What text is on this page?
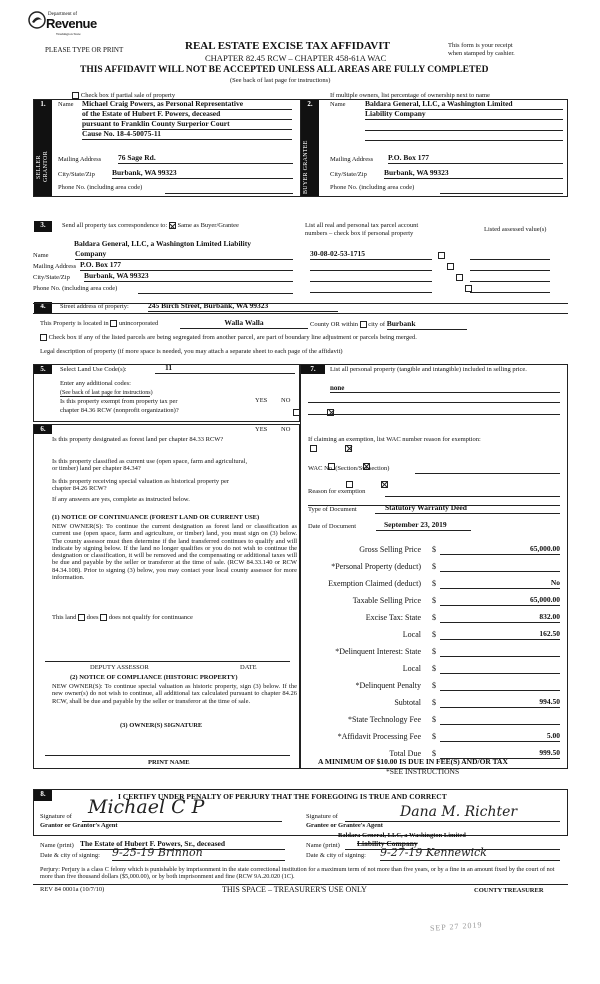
Department of
Revenue
Washington State
PLEASE TYPE OR PRINT	REAL ESTATE EXCISE TAX AFFIDAVIT
CHAPTER 82.45 RCW – CHAPTER 458-61A WAC
This form is your receipt
when stamped by cashier.
THIS AFFIDAVIT WILL NOT BE ACCEPTED UNLESS ALL AREAS ARE FULLY COMPLETED
(See back of last page for instructions)
Check box if partial sale of property	If multiple owners, list percentage of ownership next to name
1.
SELLER GRANTOR
Name Michael Craig Powers, as Personal Representative
of the Estate of Hubert F. Powers, deceased
pursuant to Franklin County Surperior Court
Cause No. 18-4-50075-11
Mailing Address 76 Sage Rd.
City/State/Zip Burbank, WA 99323
Phone No. (including area code)
2.
BUYER GRANTEE
Name	Baldara General, LLC, a Washington Limited
Liability Company
Mailing Address P.O. Box 177
City/State/Zip Burbank, WA 99323
Phone No. (including area code)
3.	Send all property tax correspondence to: Same as Buyer/Grantee
Baldara General, LLC, a Washington Limited Liability
Name	Company
Mailing Address P.O. Box 177
City/State/Zip Burbank, WA 99323
Phone No. (including area code)
List all real and personal tax parcel account
numbers – check box if personal property
Listed assessed value(s)
30-08-02-53-1715

4.	Street address of property:	245 Birch Street, Burbank, WA 99323
This Property is located in unincorporated	Walla Walla	County OR within city of Burbank
Check box if any of the listed parcels are being segregated from another parcel, are part of boundary line adjustment or parcels being merged.
Legal description of property (if more space is needed, you may attach a separate sheet to each page of the affidavit)
5.	Select Land Use Code(s):	11
Enter any additional codes:
(See back of last page for instructions)
YES NO
Is this property exempt from property tax per
chapter 84.36 RCW (nonprofit organization)?

6.	YES NO
Is this property designated as forest land per chapter 84.33 RCW?

Is this property classified as current use (open space, farm and agricultural, or timber) land per chapter 84.34?

Is this property receiving special valuation as historical property per chapter 84.26 RCW?

If any answers are yes, complete as instructed below.
(1) NOTICE OF CONTINUANCE (FOREST LAND OR CURRENT USE)
NEW OWNER(S): To continue the current designation as forest land or classification as current use (open space, farm and agriculture, or timber) land, you must sign on (3) below. The county assessor must then determine if the land transferred continues to qualify and will indicate by signing below. If the land no longer qualifies or you do not wish to continue the designation or classification, it will be removed and the compensating or additional taxes will be due and payable by the seller or transferor at the time of sale. (RCW 84.33.140 or RCW 84.34.108). Prior to signing (3) below, you may contact your local county assessor for more information.
This land does does not qualify for continuance
DEPUTY ASSESSOR	DATE
(2) NOTICE OF COMPLIANCE (HISTORIC PROPERTY)
NEW OWNER(S): To continue special valuation as historic property, sign (3) below. If the new owner(s) do not wish to continue, all additional tax calculated pursuant to chapter 84.26 RCW, shall be due and payable by the seller or transferor at the time of sale.
(3) OWNER(S) SIGNATURE
PRINT NAME
7.	List all personal property (tangible and intangible) included in selling price.
none
If claiming an exemption, list WAC number reason for exemption:
WAC No. (Section/Subsection)
Reason for exemption
Type of Document	Statutory Warranty Deed
Date of Document	September 23, 2019
Gross Selling Price $	65,000.00
*Personal Property (deduct) $
Exemption Claimed (deduct) $	No
Taxable Selling Price $	65,000.00
Excise Tax: State $	832.00
Local $	162.50
*Delinquent Interest: State $
Local $
*Delinquent Penalty $
Subtotal $	994.50
*State Technology Fee $
*Affidavit Processing Fee $	5.00
Total Due $	999.50
A MINIMUM OF $10.00 IS DUE IN FEE(S) AND/OR TAX
*SEE INSTRUCTIONS
8.	I CERTIFY UNDER PENALTY OF PERJURY THAT THE FOREGOING IS TRUE AND CORRECT
Signature of
Grantor or Grantor's Agent
Michael C P	Signature of
Grantee or Grantee's Agent
Dana M. Richter
Name (print) The Estate of Hubert F. Powers, Sr., deceased
Date & city of signing: 9-25-19 Brinnon
Baldara General, LLC, a Washington Limited
Name (print)	Liability Company
Date & city of signing: 9-27-19 Kennewick
Perjury: Perjury is a class C felony which is punishable by imprisonment in the state correctional institution for a maximum term of not more than five years, or by a fine in an amount fixed by the court of not more than five thousand dollars ($5,000.00), or by both imprisonment and fine (RCW 9A.20.020 (1C).
REV 84 0001a (10/7/10)	THIS SPACE – TREASURER'S USE ONLY	COUNTY TREASURER
SEP 27 2019
